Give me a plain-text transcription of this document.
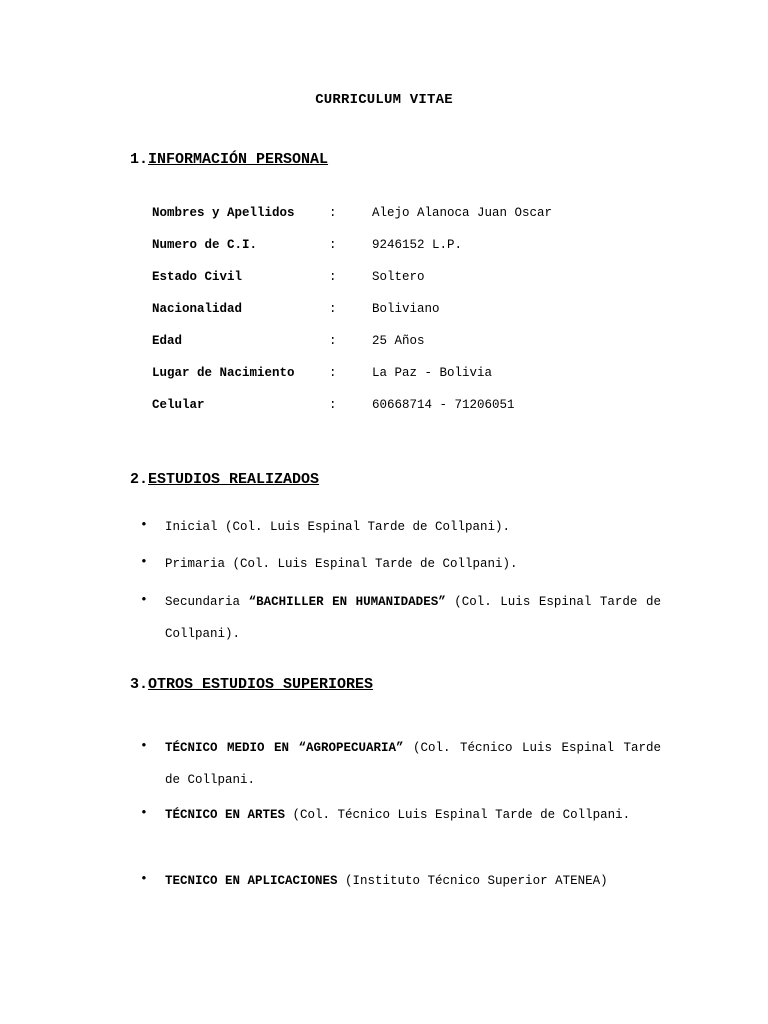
CURRICULUM VITAE
1.INFORMACIÓN PERSONAL
Nombres y Apellidos	:	Alejo Alanoca Juan Oscar
Numero de C.I.	:	9246152 L.P.
Estado Civil	:	Soltero
Nacionalidad	:	Boliviano
Edad	:	25 Años
Lugar de Nacimiento	:	La Paz - Bolivia
Celular	:	60668714 - 71206051
2.ESTUDIOS REALIZADOS
• Inicial (Col. Luis Espinal Tarde de Collpani).
• Primaria (Col. Luis Espinal Tarde de Collpani).
• Secundaria “BACHILLER EN HUMANIDADES” (Col. Luis Espinal Tarde de Collpani).
3.OTROS ESTUDIOS SUPERIORES
• TÉCNICO MEDIO EN “AGROPECUARIA” (Col. Técnico Luis Espinal Tarde de Collpani.
• TÉCNICO EN ARTES (Col. Técnico Luis Espinal Tarde de Collpani.
• TECNICO EN APLICACIONES (Instituto Técnico Superior ATENEA)
